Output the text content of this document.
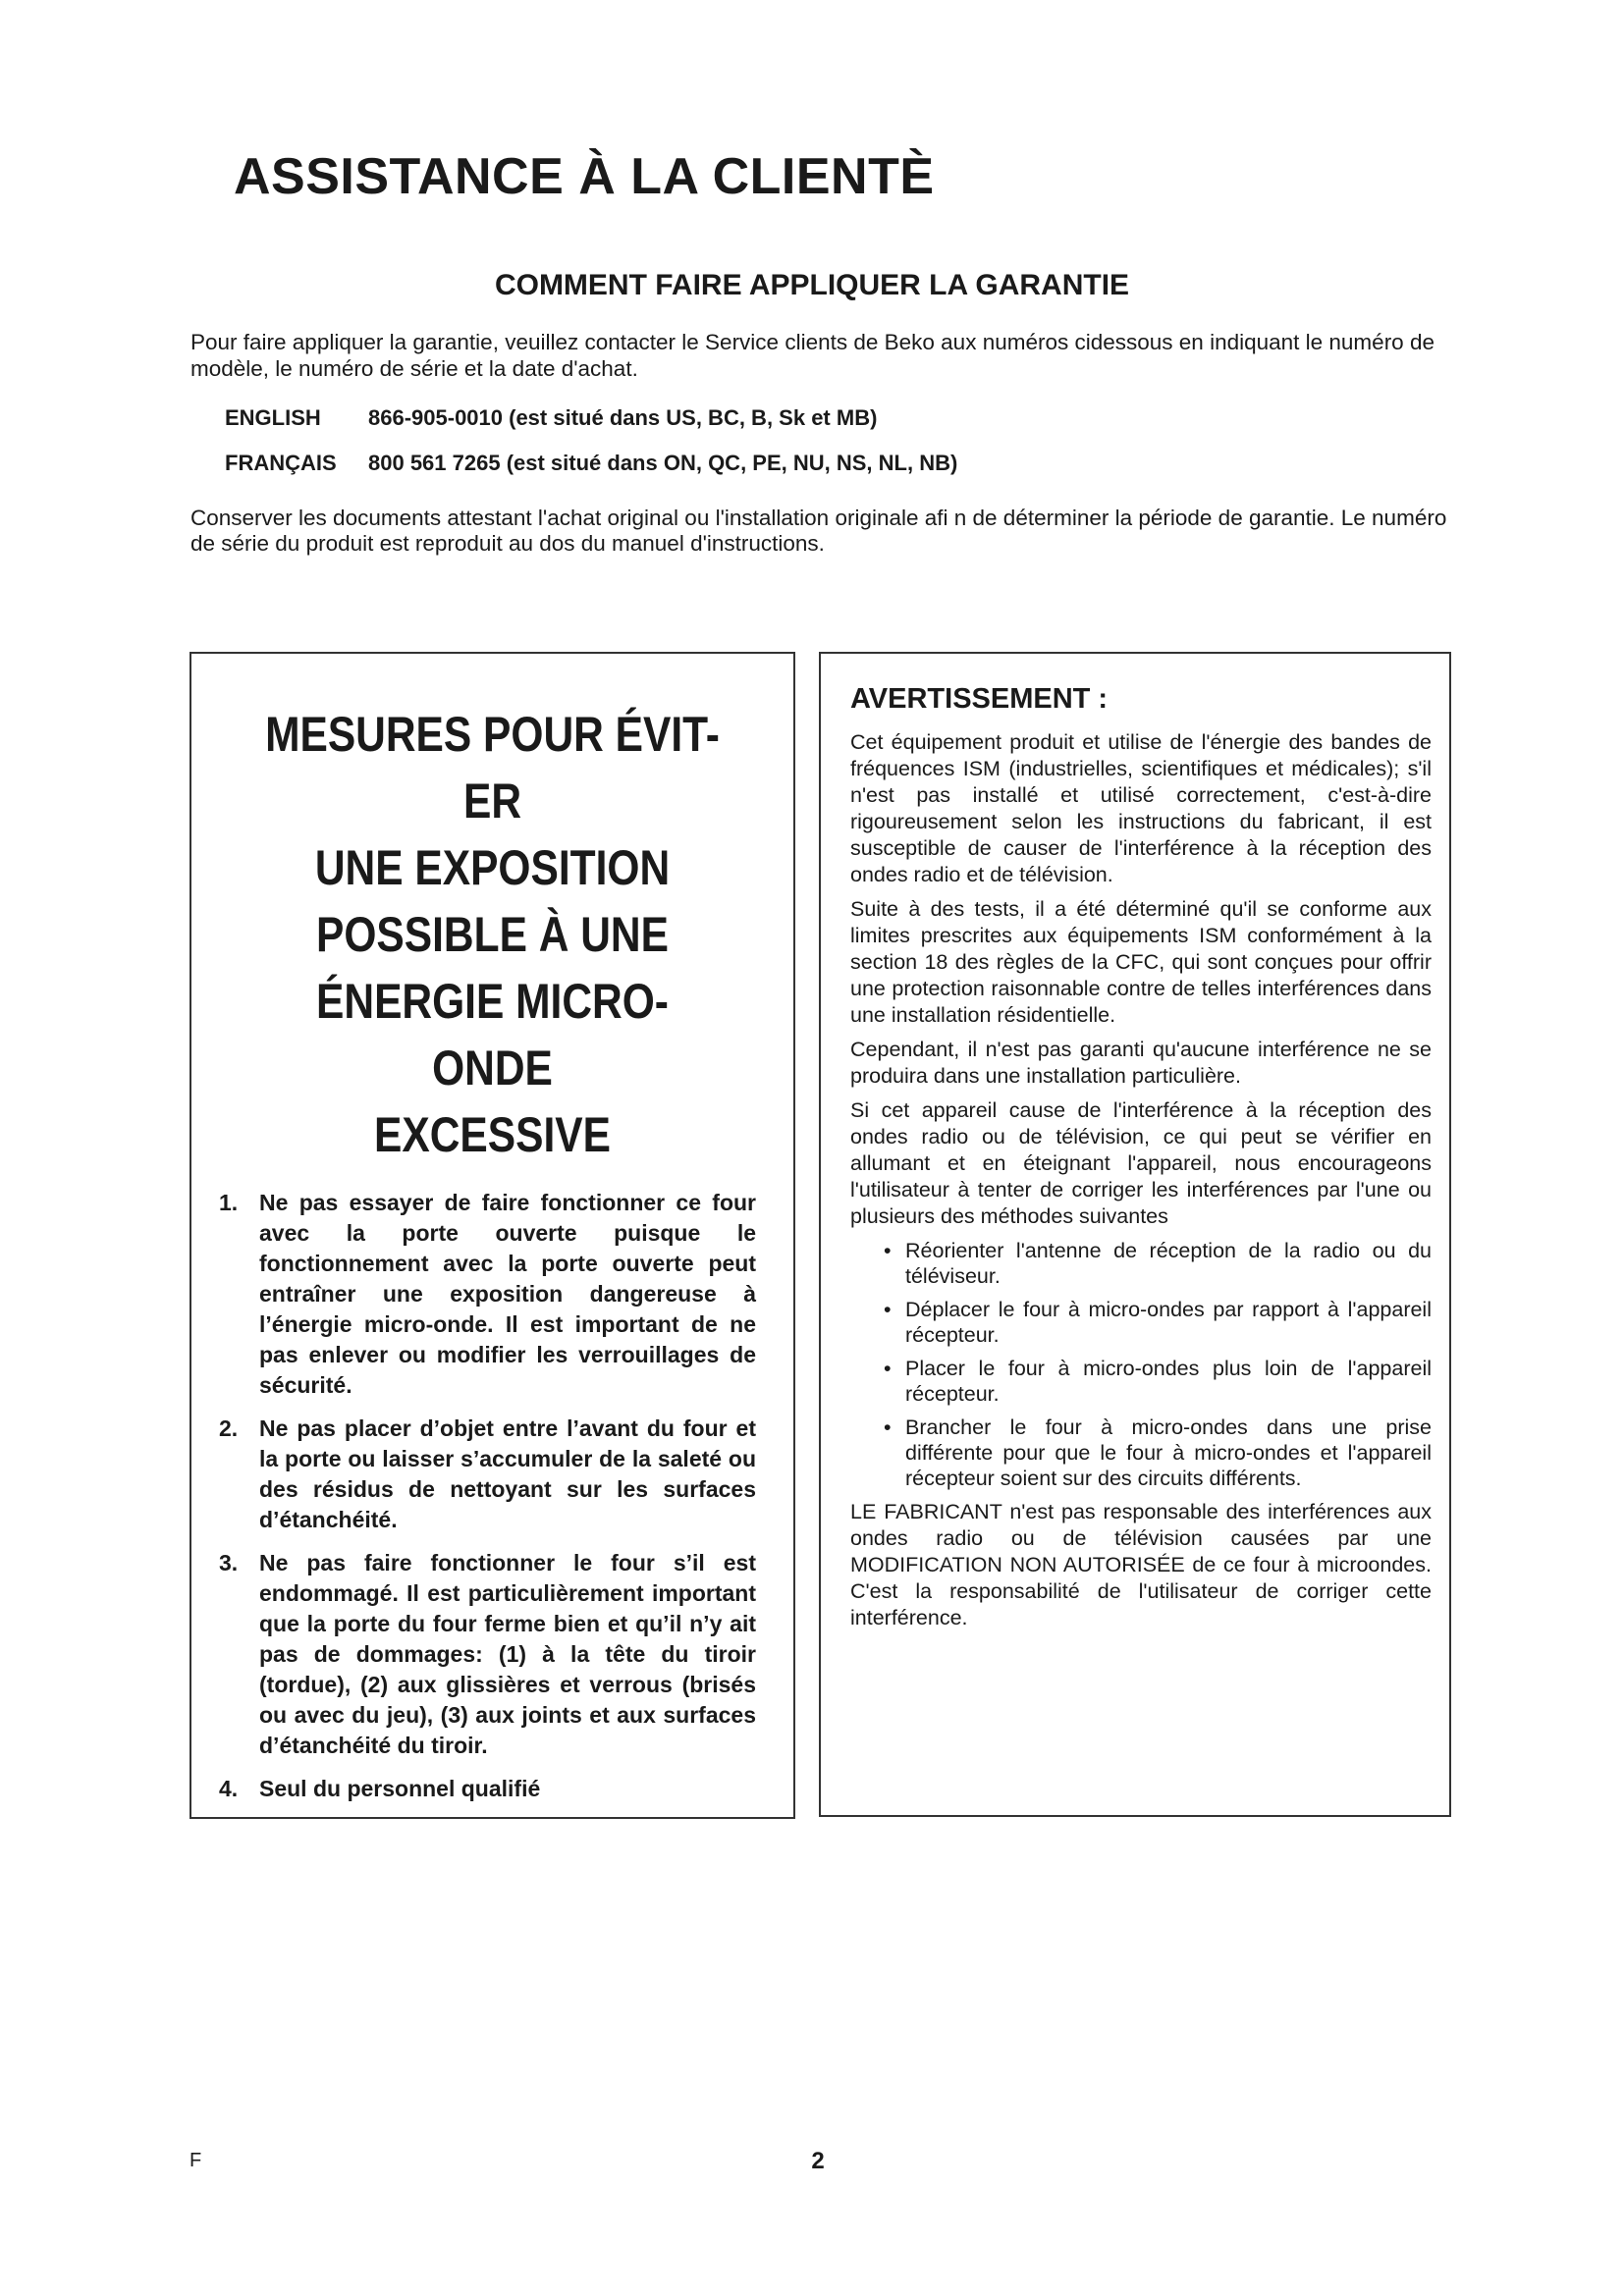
ASSISTANCE À LA CLIENTÈ
COMMENT FAIRE APPLIQUER LA GARANTIE

Pour faire appliquer la garantie, veuillez contacter le Service clients de Beko aux numéros cidessous en indiquant le numéro de modèle, le numéro de série et la date d'achat.

ENGLISH 866-905-0010 (est situé dans US, BC, B, Sk et MB)

FRANÇAIS 800 561 7265 (est situé dans ON, QC, PE, NU, NS, NL, NB)

Conserver les documents attestant l'achat original ou l'installation originale afi n de déterminer la période de garantie. Le numéro de série du produit est reproduit au dos du manuel d'instructions.

MESURES POUR ÉVIT-
ER
UNE EXPOSITION
POSSIBLE À UNE
ÉNERGIE MICRO-ONDE
EXCESSIVE
1. Ne pas essayer de faire fonctionner ce four avec la porte ouverte puisque le fonctionnement avec la porte ouverte peut entraîner une exposition dangereuse à l’énergie micro-onde. Il est important de ne pas enlever ou modifier les verrouillages de sécurité.
2. Ne pas placer d’objet entre l’avant du four et la porte ou laisser s’accumuler de la saleté ou des résidus de nettoyant sur les surfaces d’étanchéité.
3. Ne pas faire fonctionner le four s’il est endommagé. Il est particulièrement important que la porte du four ferme bien et qu’il n’y ait pas de dommages: (1) à la tête du tiroir (tordue), (2) aux glissières et verrous (brisés ou avec du jeu), (3) aux joints et aux surfaces d’étanchéité du tiroir.
4. Seul du personnel qualifié
AVERTISSEMENT :

Cet équipement produit et utilise de l'énergie des bandes de fréquences ISM (industrielles, scientifiques et médicales); s'il n'est pas installé et utilisé correctement, c'est-à-dire rigoureusement selon les instructions du fabricant, il est susceptible de causer de l'interférence à la réception des ondes radio et de télévision.

Suite à des tests, il a été déterminé qu'il se conforme aux limites prescrites aux équipements ISM conformément à la section 18 des règles de la CFC, qui sont conçues pour offrir une protection raisonnable contre de telles interférences dans une installation résidentielle.

Cependant, il n'est pas garanti qu'aucune interférence ne se produira dans une installation particulière.

Si cet appareil cause de l'interférence à la réception des ondes radio ou de télévision, ce qui peut se vérifier en allumant et en éteignant l'appareil, nous encourageons l'utilisateur à tenter de corriger les interférences par l'une ou plusieurs des méthodes suivantes

• Réorienter l'antenne de réception de la radio ou du téléviseur.
• Déplacer le four à micro-ondes par rapport à l'appareil récepteur.
• Placer le four à micro-ondes plus loin de l'appareil récepteur.
• Brancher le four à micro-ondes dans une prise différente pour que le four à micro-ondes et l'appareil récepteur soient sur des circuits différents.

LE FABRICANT n'est pas responsable des interférences aux ondes radio ou de télévision causées par une MODIFICATION NON AUTORISÉE de ce four à microondes. C'est la responsabilité de l'utilisateur de corriger cette interférence.

F	2
